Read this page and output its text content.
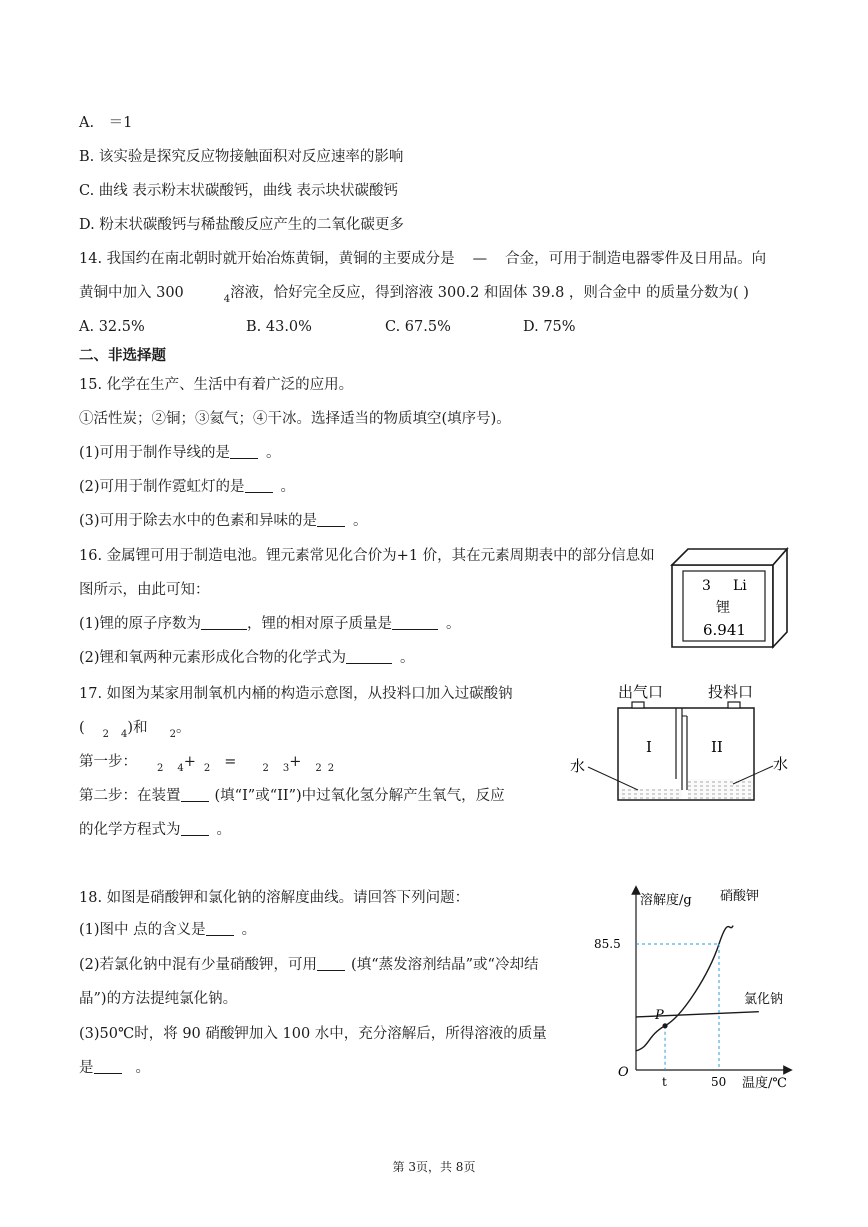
A.　＝1
B. 该实验是探究反应物接触面积对反应速率的影响
C. 曲线 表示粉末状碳酸钙，曲线 表示块状碳酸钙
D. 粉末状碳酸钙与稀盐酸反应产生的二氧化碳更多
14. 我国约在南北朝时就开始冶炼黄铜，黄铜的主要成分是 — 合金，可用于制造电器零件及日用品。向
黄铜中加入 300	$_4$溶液，恰好完全反应，得到溶液 300.2 和固体 39.8 ，则合金中 的质量分数为( )
A. 32.5%	B. 43.0%	C. 67.5%	D. 75%
二、非选择题
15. 化学在生产、生活中有着广泛的应用。
①活性炭；②铜；③氦气；④干冰。选择适当的物质填空(填序号)。
(1)可用于制作导线的是 。
(2)可用于制作霓虹灯的是 。
(3)可用于除去水中的色素和异味的是 。
16. 金属锂可用于制造电池。锂元素常见化合价为+1 价，其在元素周期表中的部分信息如
图所示，由此可知：
(1)锂的原子序数为	，锂的相对原子质量是	。
(2)锂和氧两种元素形成化合物的化学式为	。
3 Li
锂
6.941
17. 如图为某家用制氧机内桶的构造示意图，从投料口加入过碳酸钠
( $_2$ $_4$)和 $_2$。
第一步： $_2$ $_4$+ $_2$ =	$_2$ $_3$+ $_2$ $_2$
第二步：在装置 (填“I”或“II”)中过氧化氢分解产生氧气，反应
的化学方程式为 。
出气口	投料口
I	II
水	水
18. 如图是硝酸钾和氯化钠的溶解度曲线。请回答下列问题：
(1)图中 点的含义是 。
(2)若氯化钠中混有少量硝酸钾，可用 (填“蒸发溶剂结晶”或“冷却结
晶”)的方法提纯氯化钠。
(3)50℃时，将 90 硝酸钾加入 100 水中，充分溶解后，所得溶液的质量
是	。
溶解度/g
温度/℃
O
硝酸钾
氯化钠
P
t	50
85.5
第 3页，共 8页
